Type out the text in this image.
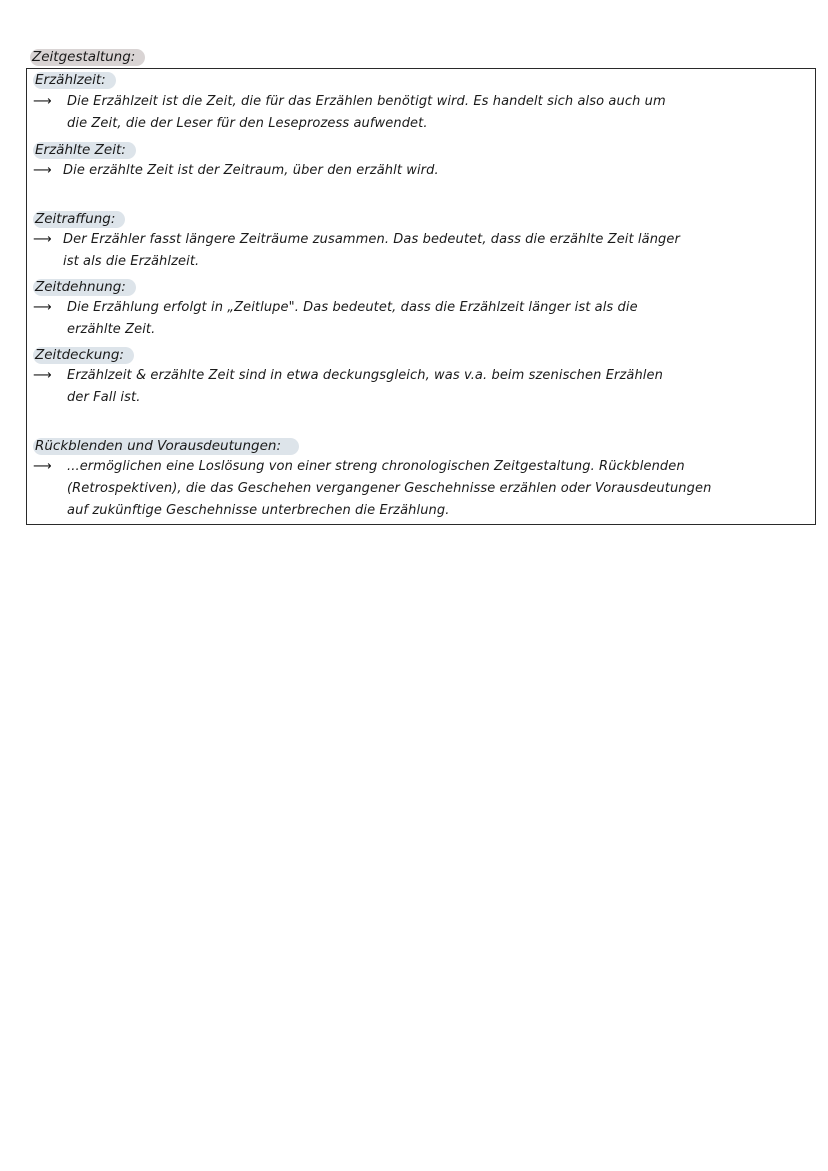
Zeitgestaltung:
Erzählzeit:
⟶ Die Erzählzeit ist die Zeit, die für das Erzählen benötigt wird. Es handelt sich also auch um
die Zeit, die der Leser für den Leseprozess aufwendet.
Erzählte Zeit:
⟶ Die erzählte Zeit ist der Zeitraum, über den erzählt wird.
Zeitraffung:
⟶ Der Erzähler fasst längere Zeiträume zusammen. Das bedeutet, dass die erzählte Zeit länger
ist als die Erzählzeit.
Zeitdehnung:
⟶ Die Erzählung erfolgt in „Zeitlupe". Das bedeutet, dass die Erzählzeit länger ist als die
erzählte Zeit.
Zeitdeckung:
⟶ Erzählzeit & erzählte Zeit sind in etwa deckungsgleich, was v.a. beim szenischen Erzählen
der Fall ist.
Rückblenden und Vorausdeutungen:
⟶ ...ermöglichen eine Loslösung von einer streng chronologischen Zeitgestaltung. Rückblenden
(Retrospektiven), die das Geschehen vergangener Geschehnisse erzählen oder Vorausdeutungen
auf zukünftige Geschehnisse unterbrechen die Erzählung.
